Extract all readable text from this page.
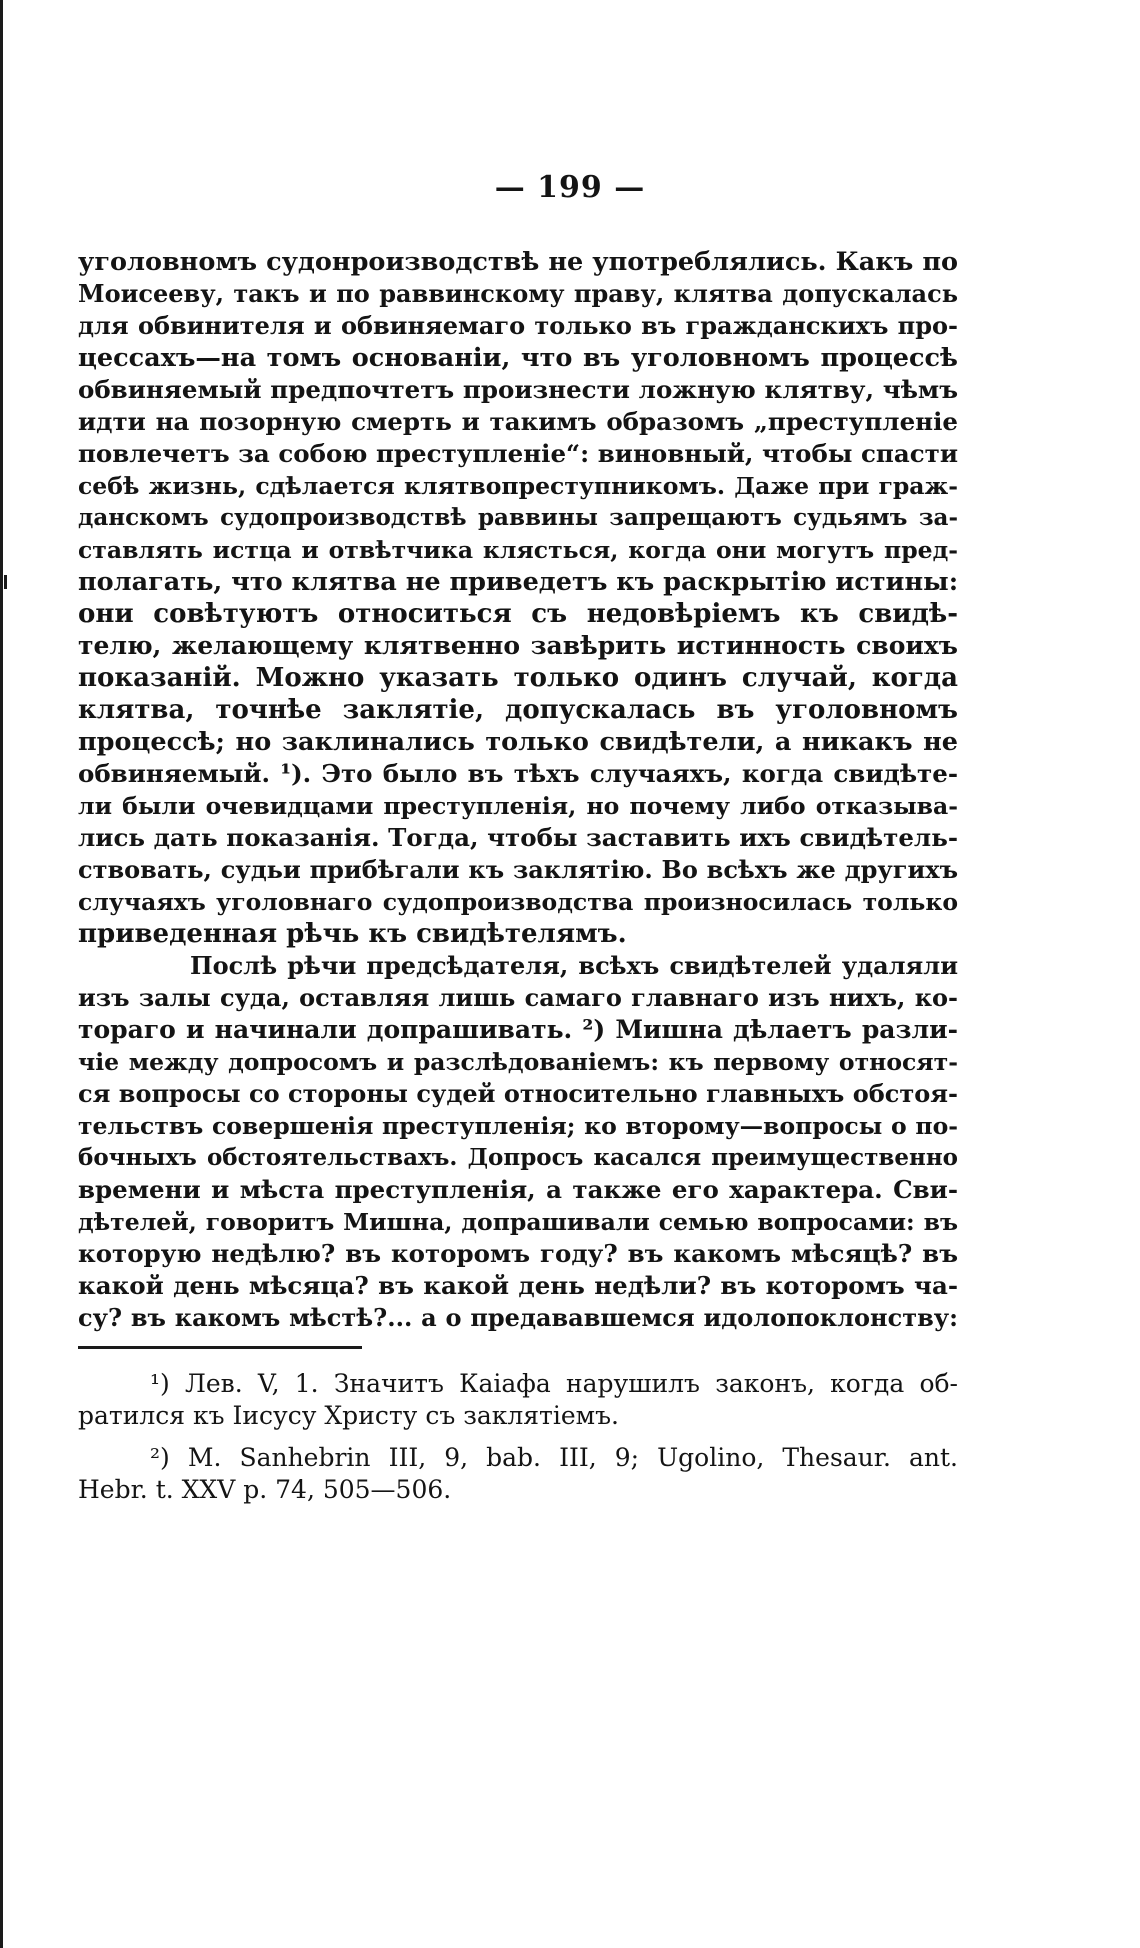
— 199 —
уголовномъ судонроизводствѣ не употреблялись. Какъ по
Моисееву, такъ и по раввинскому праву, клятва допускалась
для обвинителя и обвиняемаго только въ гражданскихъ про-
цессахъ—на томъ основаніи, что въ уголовномъ процессѣ
обвиняемый предпочтетъ произнести ложную клятву, чѣмъ
идти на позорную смерть и такимъ образомъ „преступленіе
повлечетъ за собою преступленіе“: виновный, чтобы спасти
себѣ жизнь, сдѣлается клятвопреступникомъ. Даже при граж-
данскомъ судопроизводствѣ раввины запрещаютъ судьямъ за-
ставлять истца и отвѣтчика клясться, когда они могутъ пред-
полагать, что клятва не приведетъ къ раскрытію истины:
они совѣтуютъ относиться съ недовѣріемъ къ свидѣ-
телю, желающему клятвенно завѣрить истинность своихъ
показаній. Можно указать только одинъ случай, когда
клятва, точнѣе заклятіе, допускалась въ уголовномъ
процессѣ; но заклинались только свидѣтели, а никакъ не
обвиняемый. ¹). Это было въ тѣхъ случаяхъ, когда свидѣте-
ли были очевидцами преступленія, но почему либо отказыва-
лись дать показанія. Тогда, чтобы заставить ихъ свидѣтель-
ствовать, судьи прибѣгали къ заклятію. Во всѣхъ же другихъ
случаяхъ уголовнаго судопроизводства произносилась только
приведенная рѣчь къ свидѣтелямъ.
Послѣ рѣчи предсѣдателя, всѣхъ свидѣтелей удаляли
изъ залы суда, оставляя лишь самаго главнаго изъ нихъ, ко-
тораго и начинали допрашивать. ²) Мишна дѣлаетъ разли-
чіе между допросомъ и разслѣдованіемъ: къ первому относят-
ся вопросы со стороны судей относительно главныхъ обстоя-
тельствъ совершенія преступленія; ко второму—вопросы о по-
бочныхъ обстоятельствахъ. Допросъ касался преимущественно
времени и мѣста преступленія, а также его характера. Сви-
дѣтелей, говоритъ Мишна, допрашивали семью вопросами: въ
которую недѣлю? въ которомъ году? въ какомъ мѣсяцѣ? въ
какой день мѣсяца? въ какой день недѣли? въ которомъ ча-
су? въ какомъ мѣстѣ?... а о предававшемся идолопоклонству:
¹) Лев. V, 1. Значитъ Каіафа нарушилъ законъ, когда об-
ратился къ Іисусу Христу съ заклятіемъ.
²) M. Sanhebrin III, 9, bab. III, 9; Ugolino, Thesaur. ant.
Hebr. t. XXV p. 74, 505—506.
